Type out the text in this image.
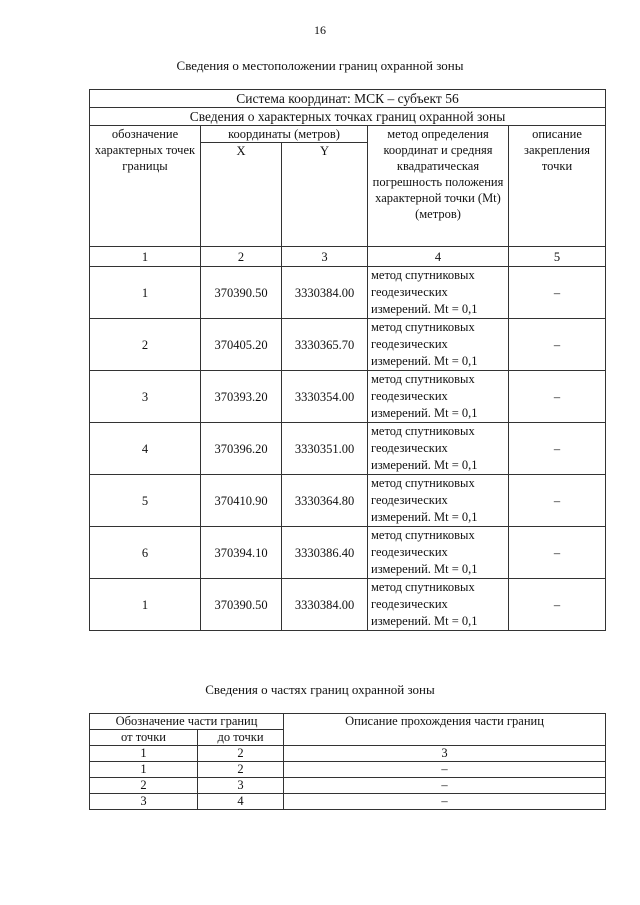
16
Сведения о местоположении границ охранной зоны
Система координат: МСК – субъект 56				
Сведения о характерных точках границ охранной зоны				
обозначение характерных точек границы	координаты (метров)		метод определения координат и средняя квадратическая погрешность положения характерной точки (Mt) (метров)	описание закрепления точки
	X	Y		
1	2	3	4	5
1	370390.50	3330384.00	метод спутниковых геодезических измерений. Mt = 0,1	–
2	370405.20	3330365.70	метод спутниковых геодезических измерений. Mt = 0,1	–
3	370393.20	3330354.00	метод спутниковых геодезических измерений. Mt = 0,1	–
4	370396.20	3330351.00	метод спутниковых геодезических измерений. Mt = 0,1	–
5	370410.90	3330364.80	метод спутниковых геодезических измерений. Mt = 0,1	–
6	370394.10	3330386.40	метод спутниковых геодезических измерений. Mt = 0,1	–
1	370390.50	3330384.00	метод спутниковых геодезических измерений. Mt = 0,1	–
Сведения о частях границ охранной зоны
Обозначение части границ		Описание прохождения части границ
от точки	до точки	
1	2	3
1	2	–
2	3	–
3	4	–
